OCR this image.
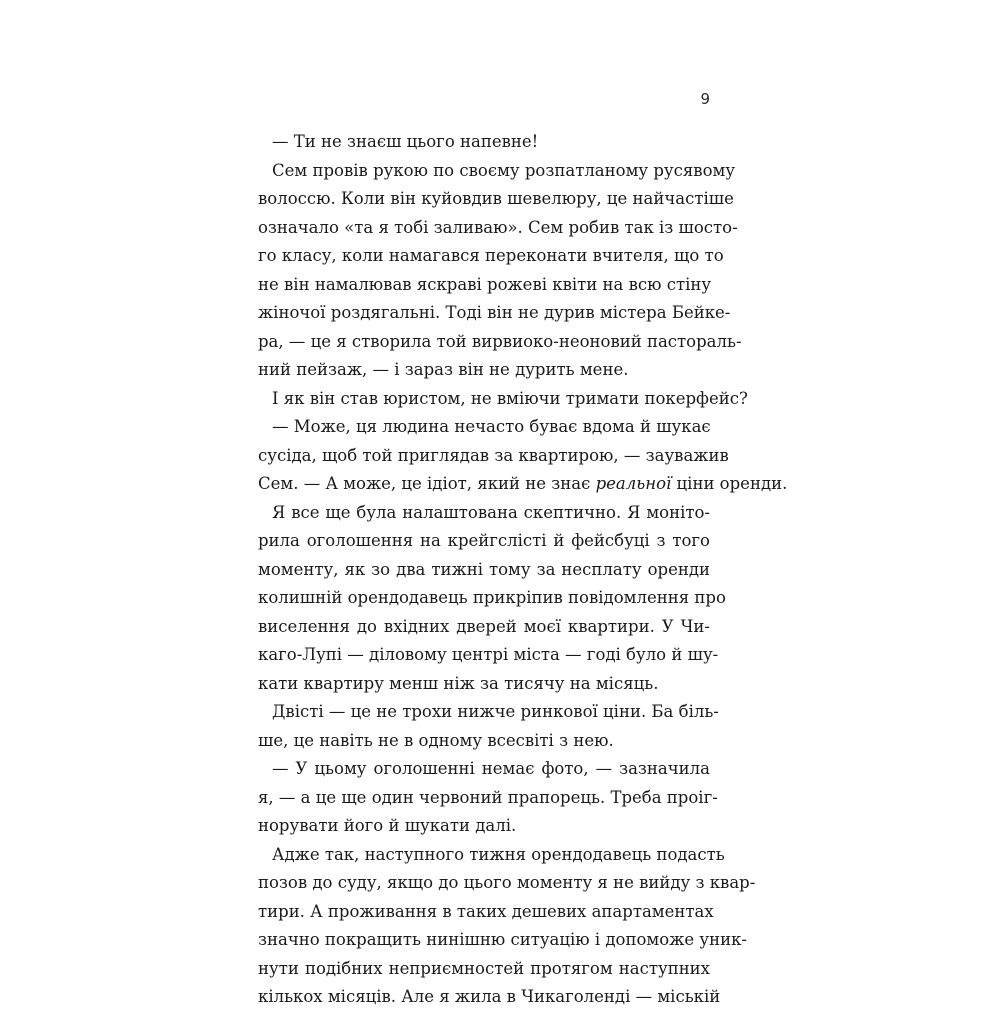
9

— Ти не знаєш цього напевне!

Сем провів рукою по своєму розпатланому русявому
волоссю. Коли він куйовдив шевелюру, це найчастіше
означало «та я тобі заливаю». Сем робив так із шосто-
го класу, коли намагався переконати вчителя, що то
не він намалював яскраві рожеві квіти на всю стіну
жіночої роздягальні. Тоді він не дурив містера Бейке-
ра, — це я створила той вирвиоко-неоновий пастораль-
ний пейзаж, — і зараз він не дурить мене.

І як він став юристом, не вміючи тримати покерфейс?

— Може, ця людина нечасто буває вдома й шукає
сусіда, щоб той приглядав за квартирою, — зауважив
Сем. — А може, це ідіот, який не знає реальної ціни оренди.

Я все ще була налаштована скептично. Я моніто-
рила оголошення на крейгслісті й фейсбуці з того
моменту, як зо два тижні тому за несплату оренди
колишній орендодавець прикріпив повідомлення про
виселення до вхідних дверей моєї квартири. У Чи-
каго-Лупі — діловому центрі міста — годі було й шу-
кати квартиру менш ніж за тисячу на місяць.

Двісті — це не трохи нижче ринкової ціни. Ба біль-
ше, це навіть не в одному всесвіті з нею.

— У цьому оголошенні немає фото, — зазначила
я, — а це ще один червоний прапорець. Треба проіг-
норувати його й шукати далі.

Адже так, наступного тижня орендодавець подасть
позов до суду, якщо до цього моменту я не вийду з квар-
тири. А проживання в таких дешевих апартаментах
значно покращить нинішню ситуацію і допоможе уник-
нути подібних неприємностей протягом наступних
кількох місяців. Але я жила в Чикаголенді — міській
